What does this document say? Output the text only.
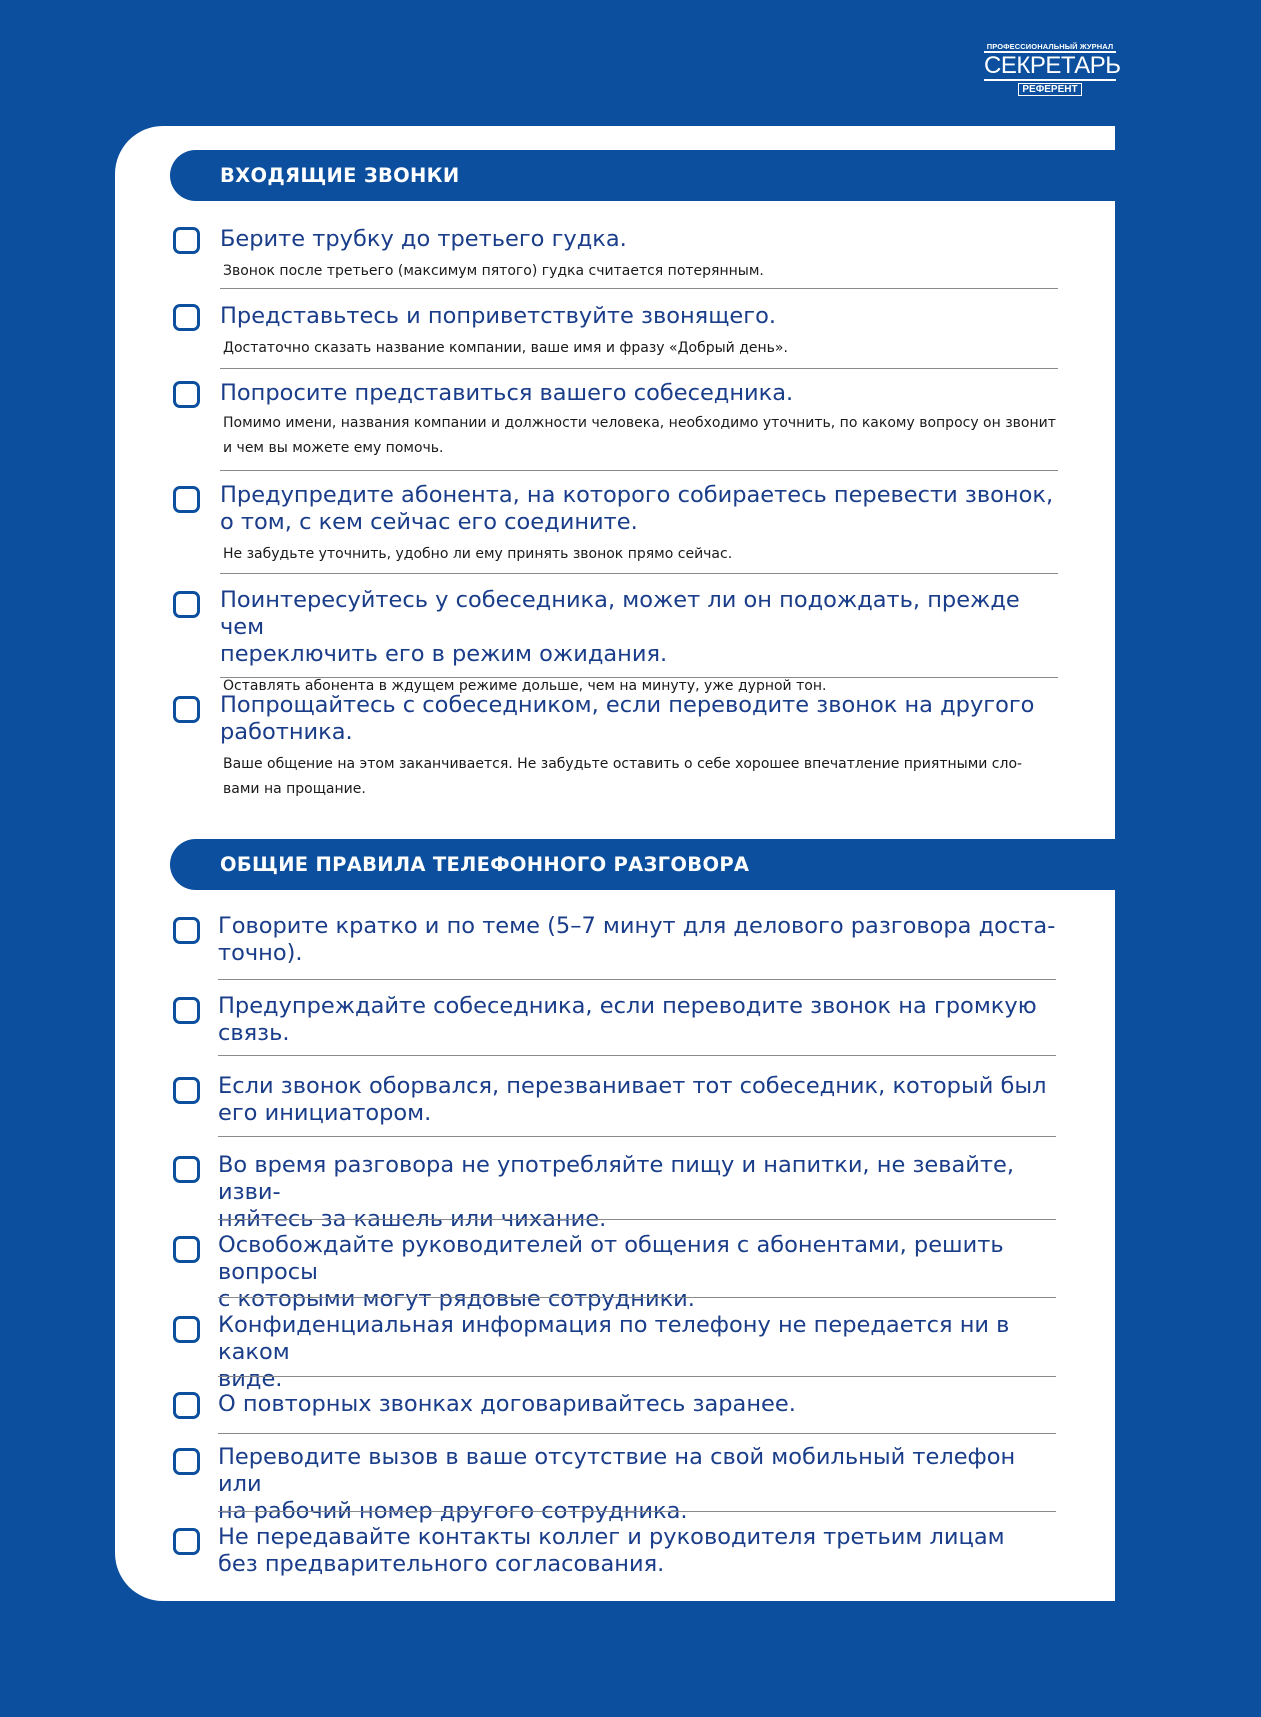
ПРОФЕССИОНАЛЬНЫЙ ЖУРНАЛ
СЕКРЕТАРЬ
РЕФЕРЕНТ
ВХОДЯЩИЕ ЗВОНКИ

Берите трубку до третьего гудка.

Звонок после третьего (максимум пятого) гудка считается потерянным.

Представьтесь и поприветствуйте звонящего.

Достаточно сказать название компании, ваше имя и фразу «Добрый день».

Попросите представиться вашего собеседника.

Помимо имени, названия компании и должности человека, необходимо уточнить, по какому вопросу он звонит
и чем вы можете ему помочь.

Предупредите абонента, на которого собираетесь перевести звонок,
о том, с кем сейчас его соедините.

Не забудьте уточнить, удобно ли ему принять звонок прямо сейчас.

Поинтересуйтесь у собеседника, может ли он подождать, прежде чем
переключить его в режим ожидания.

Оставлять абонента в ждущем режиме дольше, чем на минуту, уже дурной тон.

Попрощайтесь с собеседником, если переводите звонок на другого
работника.

Ваше общение на этом заканчивается. Не забудьте оставить о себе хорошее впечатление приятными сло-
вами на прощание.

ОБЩИЕ ПРАВИЛА ТЕЛЕФОННОГО РАЗГОВОРА

Говорите кратко и по теме (5–7 минут для делового разговора доста-
точно).

Предупреждайте собеседника, если переводите звонок на громкую
связь.

Если звонок оборвался, перезванивает тот собеседник, который был
его инициатором.

Во время разговора не употребляйте пищу и напитки, не зевайте, изви-
няйтесь за кашель или чихание.

Освобождайте руководителей от общения с абонентами, решить вопросы
с которыми могут рядовые сотрудники.

Конфиденциальная информация по телефону не передается ни в каком
виде.

О повторных звонках договаривайтесь заранее.

Переводите вызов в ваше отсутствие на свой мобильный телефон или
на рабочий номер другого сотрудника.

Не передавайте контакты коллег и руководителя третьим лицам
без предварительного согласования.
